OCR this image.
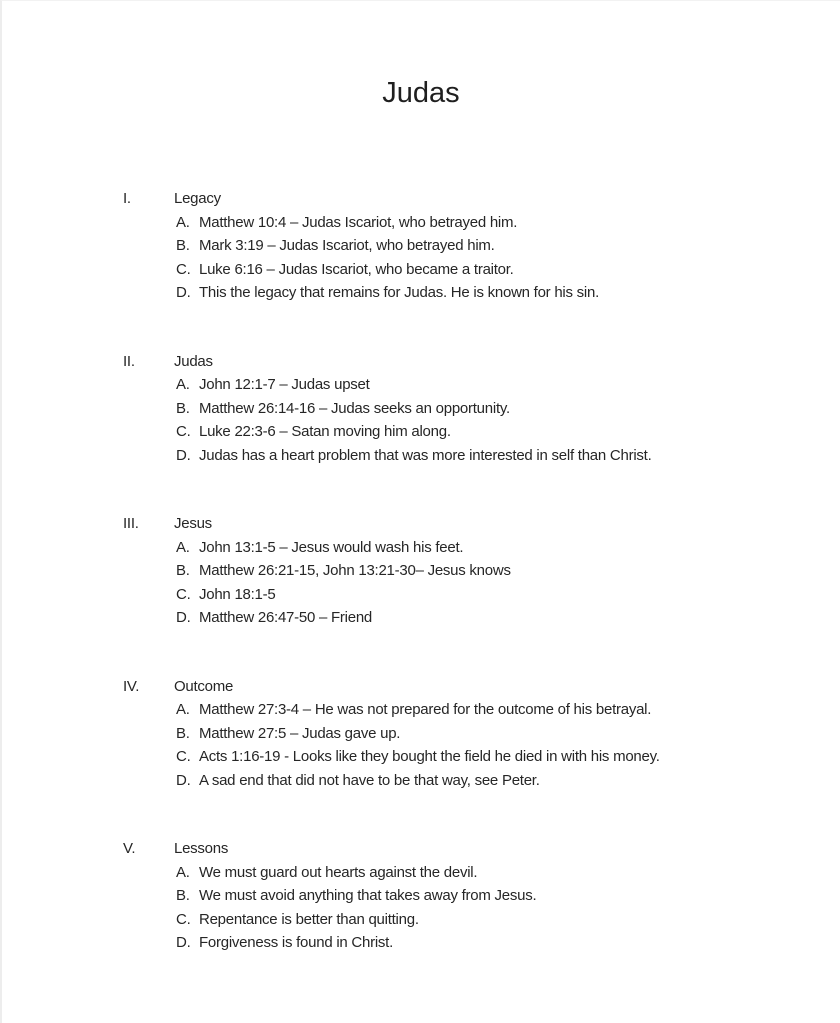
Judas
I.	Legacy
A. Matthew 10:4 – Judas Iscariot, who betrayed him.
B. Mark 3:19 – Judas Iscariot, who betrayed him.
C. Luke 6:16 – Judas Iscariot, who became a traitor.
D. This the legacy that remains for Judas. He is known for his sin.
II.	Judas
A. John 12:1-7 – Judas upset
B. Matthew 26:14-16 – Judas seeks an opportunity.
C. Luke 22:3-6 – Satan moving him along.
D. Judas has a heart problem that was more interested in self than Christ.
III.	Jesus
A. John 13:1-5 – Jesus would wash his feet.
B. Matthew 26:21-15, John 13:21-30– Jesus knows
C. John 18:1-5
D. Matthew 26:47-50 – Friend
IV.	Outcome
A. Matthew 27:3-4 – He was not prepared for the outcome of his betrayal.
B. Matthew 27:5 – Judas gave up.
C. Acts 1:16-19 - Looks like they bought the field he died in with his money.
D. A sad end that did not have to be that way, see Peter.
V.	Lessons
A. We must guard out hearts against the devil.
B. We must avoid anything that takes away from Jesus.
C. Repentance is better than quitting.
D. Forgiveness is found in Christ.
